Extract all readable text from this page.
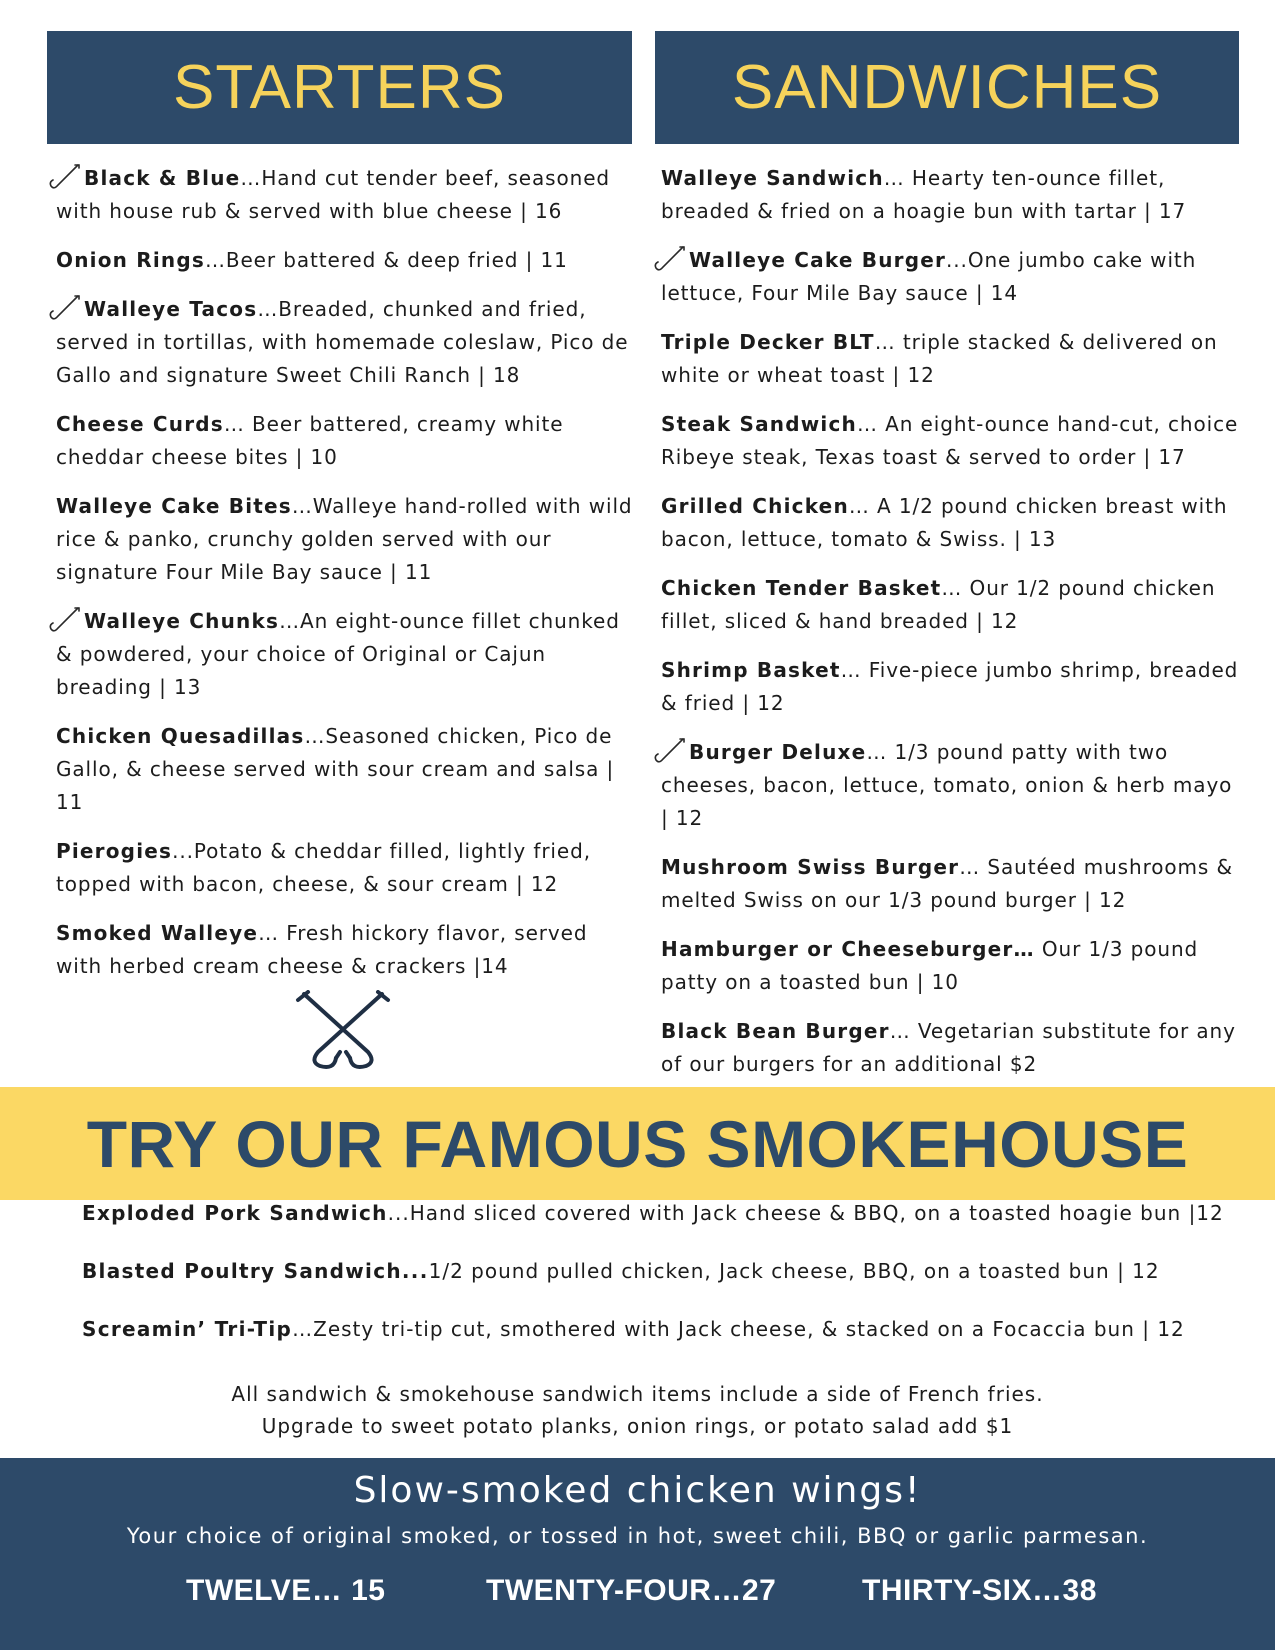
STARTERS	SANDWICHES
Black & Blue…Hand cut tender beef, seasoned with house rub & served with blue cheese | 16
Onion Rings…Beer battered & deep fried | 11
Walleye Tacos…Breaded, chunked and fried, served in tortillas, with homemade coleslaw, Pico de Gallo and signature Sweet Chili Ranch | 18
Cheese Curds… Beer battered, creamy white cheddar cheese bites | 10
Walleye Cake Bites…Walleye hand-rolled with wild rice & panko, crunchy golden served with our signature Four Mile Bay sauce | 11
Walleye Chunks…An eight-ounce fillet chunked & powdered, your choice of Original or Cajun breading | 13
Chicken Quesadillas…Seasoned chicken, Pico de Gallo, & cheese served with sour cream and salsa | 11
Pierogies...Potato & cheddar filled, lightly fried, topped with bacon, cheese, & sour cream | 12
Smoked Walleye… Fresh hickory flavor, served with herbed cream cheese & crackers |14
Walleye Sandwich… Hearty ten-ounce fillet, breaded & fried on a hoagie bun with tartar | 17
Walleye Cake Burger...One jumbo cake with lettuce, Four Mile Bay sauce | 14
Triple Decker BLT… triple stacked & delivered on white or wheat toast | 12
Steak Sandwich… An eight-ounce hand-cut, choice Ribeye steak, Texas toast & served to order | 17
Grilled Chicken… A 1/2 pound chicken breast with bacon, lettuce, tomato & Swiss. | 13
Chicken Tender Basket… Our 1/2 pound chicken fillet, sliced & hand breaded | 12
Shrimp Basket… Five-piece jumbo shrimp, breaded & fried | 12
Burger Deluxe… 1/3 pound patty with two cheeses, bacon, lettuce, tomato, onion & herb mayo | 12
Mushroom Swiss Burger… Sautéed mushrooms & melted Swiss on our 1/3 pound burger | 12
Hamburger or Cheeseburger… Our 1/3 pound patty on a toasted bun | 10
Black Bean Burger… Vegetarian substitute for any of our burgers for an additional $2
TRY OUR FAMOUS SMOKEHOUSE
Exploded Pork Sandwich...Hand sliced covered with Jack cheese & BBQ, on a toasted hoagie bun |12
Blasted Poultry Sandwich...1/2 pound pulled chicken, Jack cheese, BBQ, on a toasted bun | 12
Screamin’ Tri-Tip…Zesty tri-tip cut, smothered with Jack cheese, & stacked on a Focaccia bun | 12
All sandwich & smokehouse sandwich items include a side of French fries.
Upgrade to sweet potato planks, onion rings, or potato salad add $1
Slow-smoked chicken wings!
Your choice of original smoked, or tossed in hot, sweet chili, BBQ or garlic parmesan.
TWELVE… 15	TWENTY-FOUR…27	THIRTY-SIX…38
